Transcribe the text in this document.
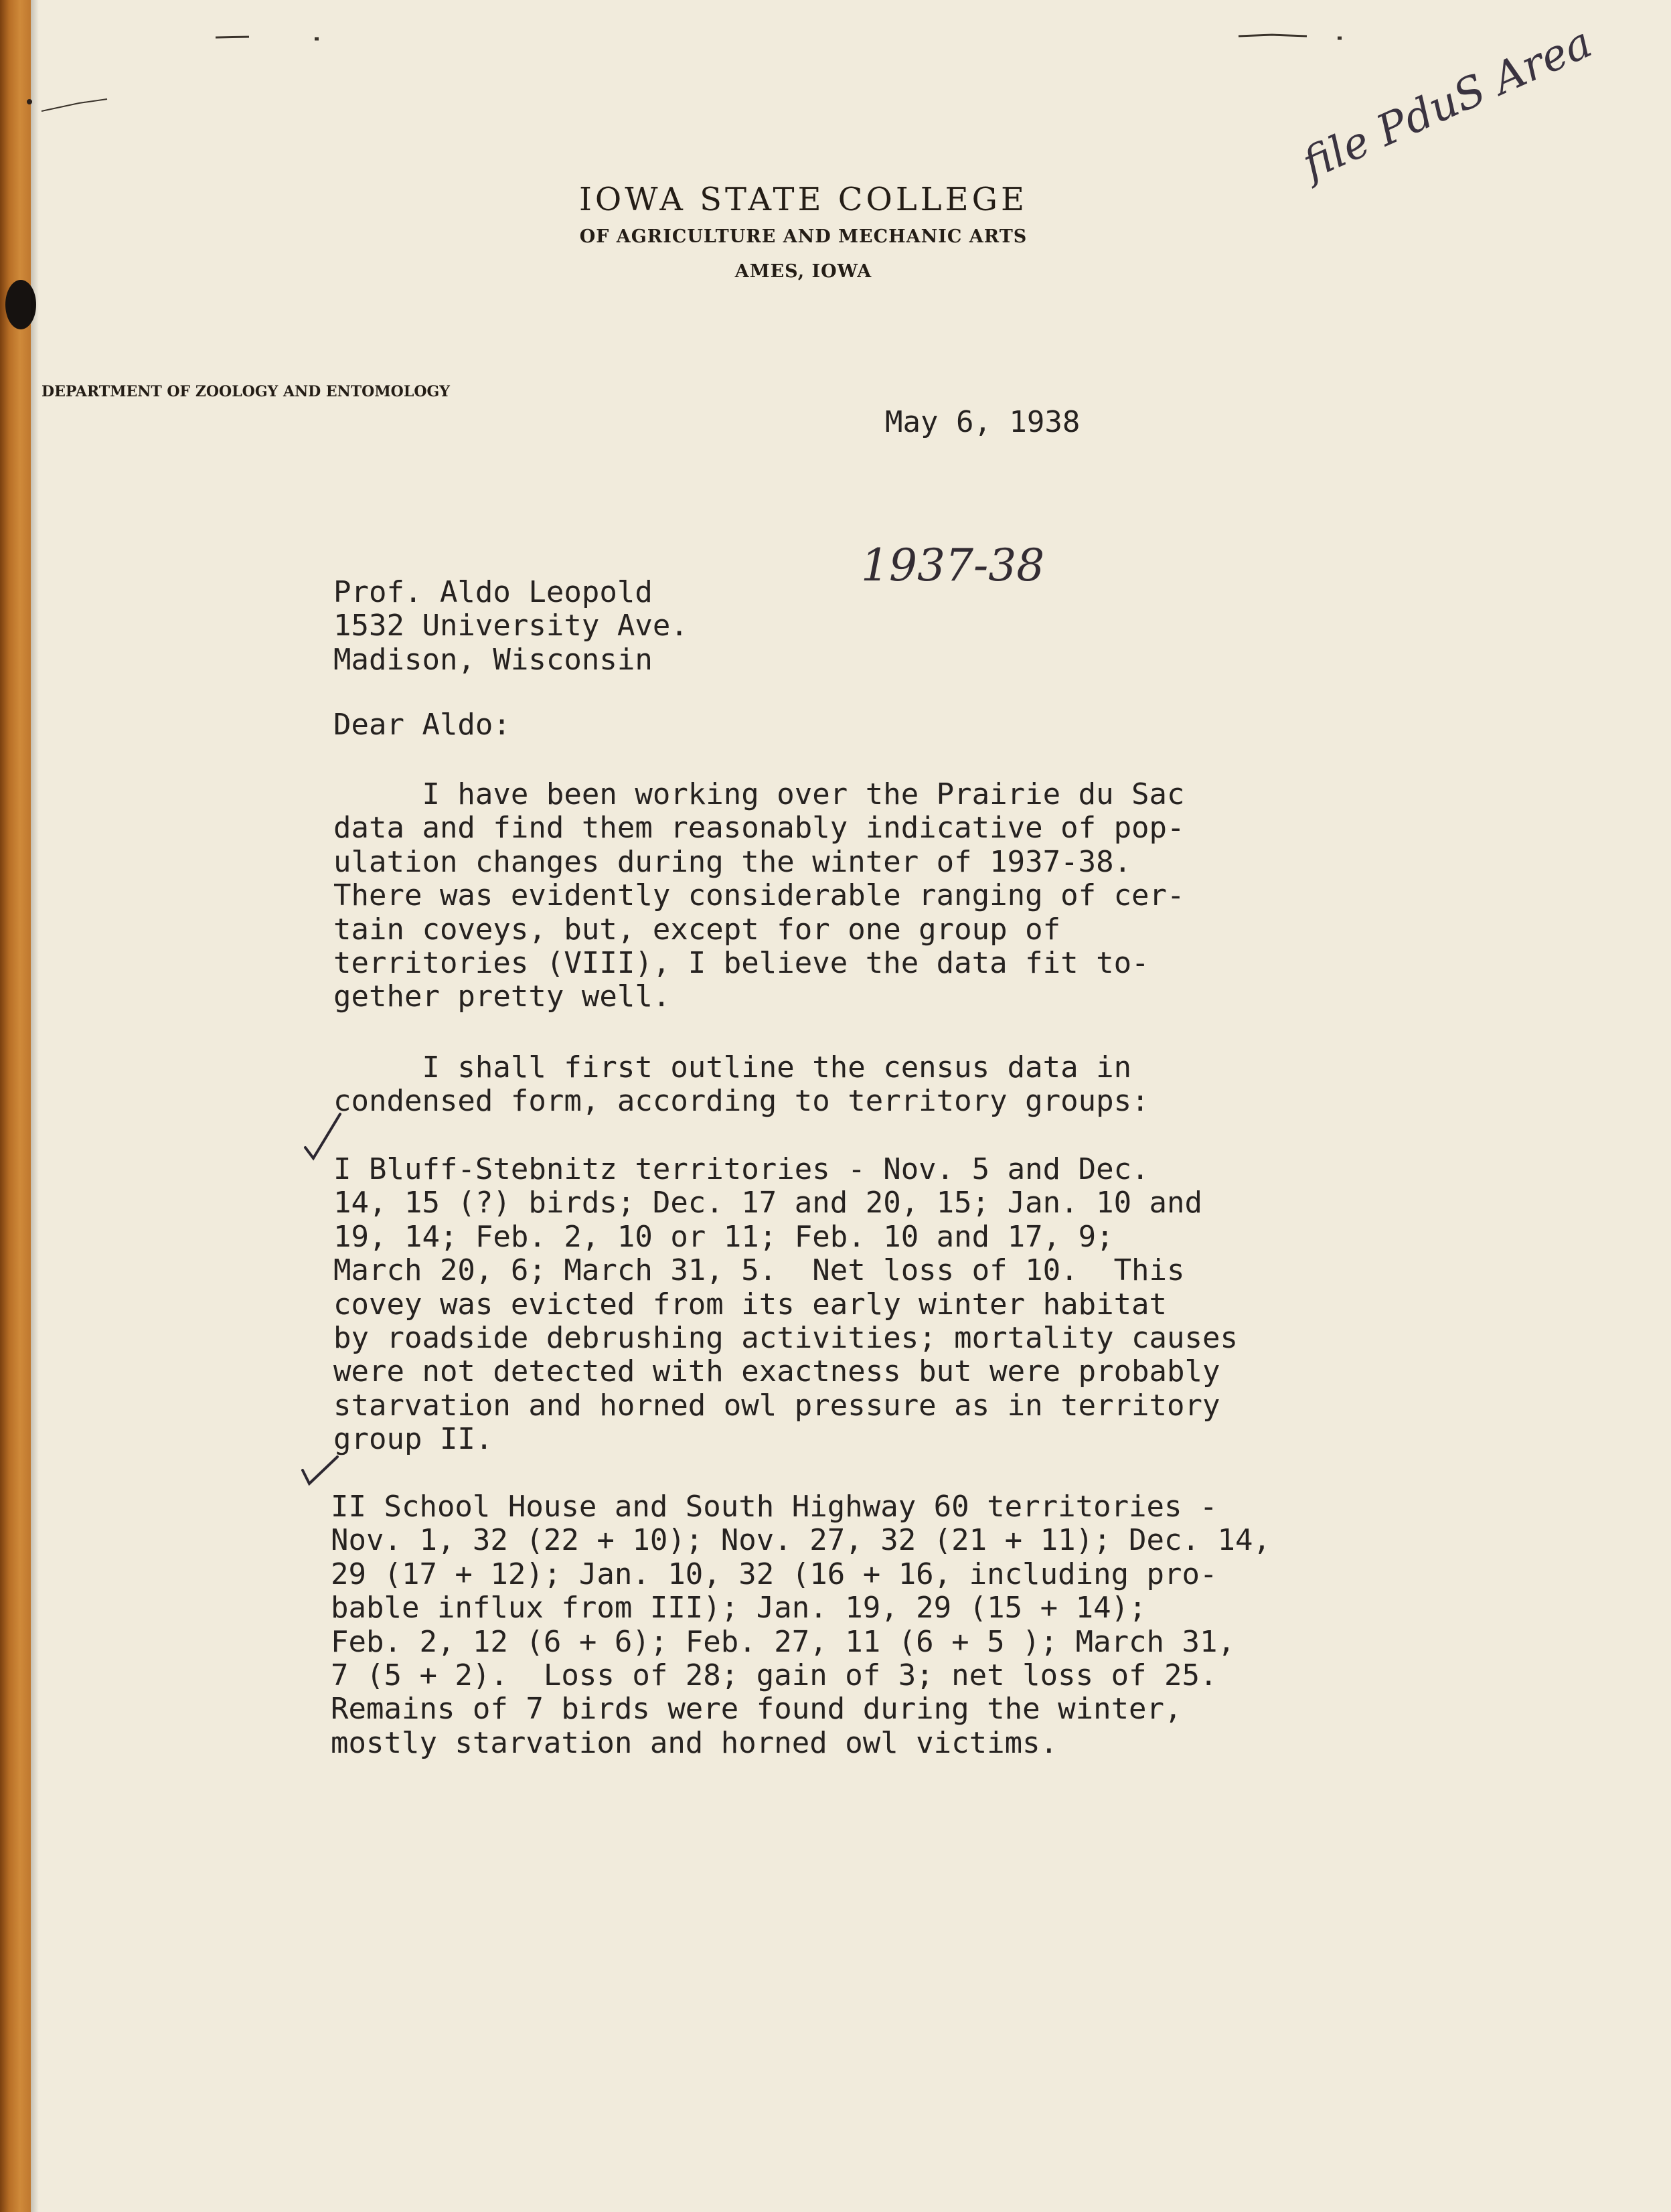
IOWA STATE COLLEGE
OF AGRICULTURE AND MECHANIC ARTS
AMES, IOWA
DEPARTMENT OF ZOOLOGY AND ENTOMOLOGY
file PduS Area
1937-38
May 6, 1938
Prof. Aldo Leopold
1532 University Ave.
Madison, Wisconsin
Dear Aldo:
I have been working over the Prairie du Sac
data and find them reasonably indicative of pop-
ulation changes during the winter of 1937-38.
There was evidently considerable ranging of cer-
tain coveys, but, except for one group of
territories (VIII), I believe the data fit to-
gether pretty well.
I shall first outline the census data in
condensed form, according to territory groups:
I Bluff-Stebnitz territories - Nov. 5 and Dec.
14, 15 (?) birds; Dec. 17 and 20, 15; Jan. 10 and
19, 14; Feb. 2, 10 or 11; Feb. 10 and 17, 9;
March 20, 6; March 31, 5.  Net loss of 10.  This
covey was evicted from its early winter habitat
by roadside debrushing activities; mortality causes
were not detected with exactness but were probably
starvation and horned owl pressure as in territory
group II.
II School House and South Highway 60 territories -
Nov. 1, 32 (22 + 10); Nov. 27, 32 (21 + 11); Dec. 14,
29 (17 + 12); Jan. 10, 32 (16 + 16, including pro-
bable influx from III); Jan. 19, 29 (15 + 14);
Feb. 2, 12 (6 + 6); Feb. 27, 11 (6 + 5 ); March 31,
7 (5 + 2).  Loss of 28; gain of 3; net loss of 25.
Remains of 7 birds were found during the winter,
mostly starvation and horned owl victims.
